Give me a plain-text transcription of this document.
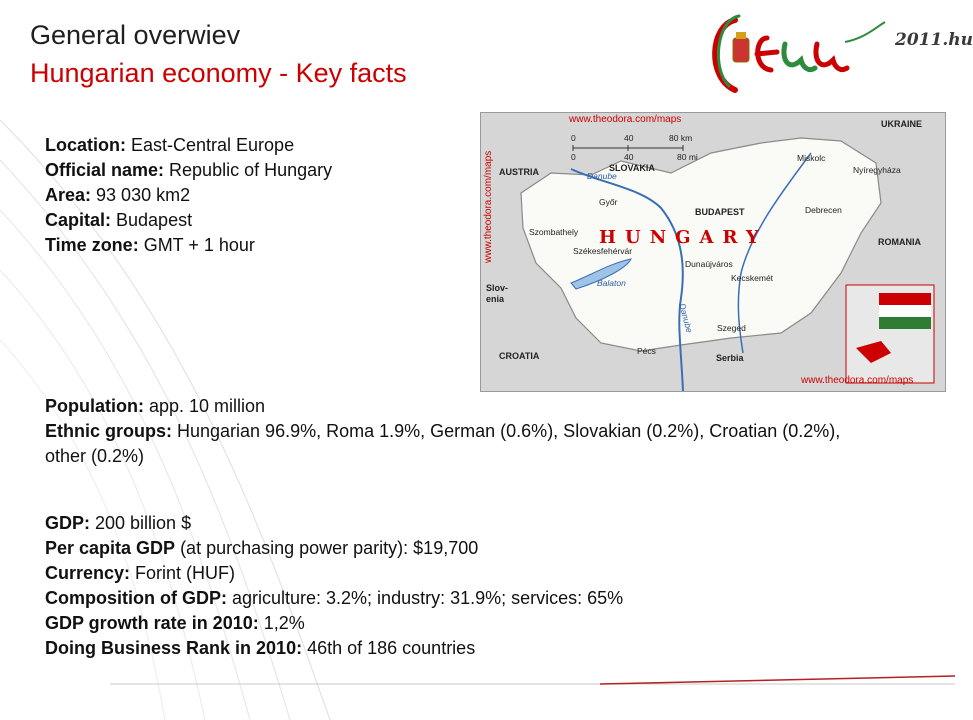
General overwiev
Hungarian economy - Key facts
2011.hu
Location: East-Central Europe
Official name: Republic of Hungary
Area: 93 030 km2
Capital: Budapest
Time zone: GMT + 1 hour
Population: app. 10 million
Ethnic groups: Hungarian 96.9%, Roma 1.9%, German (0.6%), Slovakian (0.2%), Croatian (0.2%), other (0.2%)
GDP: 200 billion $
Per capita GDP (at purchasing power parity): $19,700
Currency: Forint (HUF)
Composition of GDP: agriculture: 3.2%; industry: 31.9%; services: 65%
GDP growth rate in 2010: 1,2%
Doing Business Rank in 2010: 46th of 186 countries
www.theodora.com/maps
www.theodora.com/maps
www.theodora.com/maps
0	40	80 km
0	40	80 mi
AUSTRIA	SLOVAKIA
UKRAINE
ROMANIA
CROATIA	Serbia
Slov-
enia
Miskolc
Nyíregyháza
Győr
BUDAPEST	Debrecen
Szombathely
Székesfehérvár
Dunaújváros
Kecskemét
Szeged
Pécs
Danube
Danube
Balaton
HUNGARY
